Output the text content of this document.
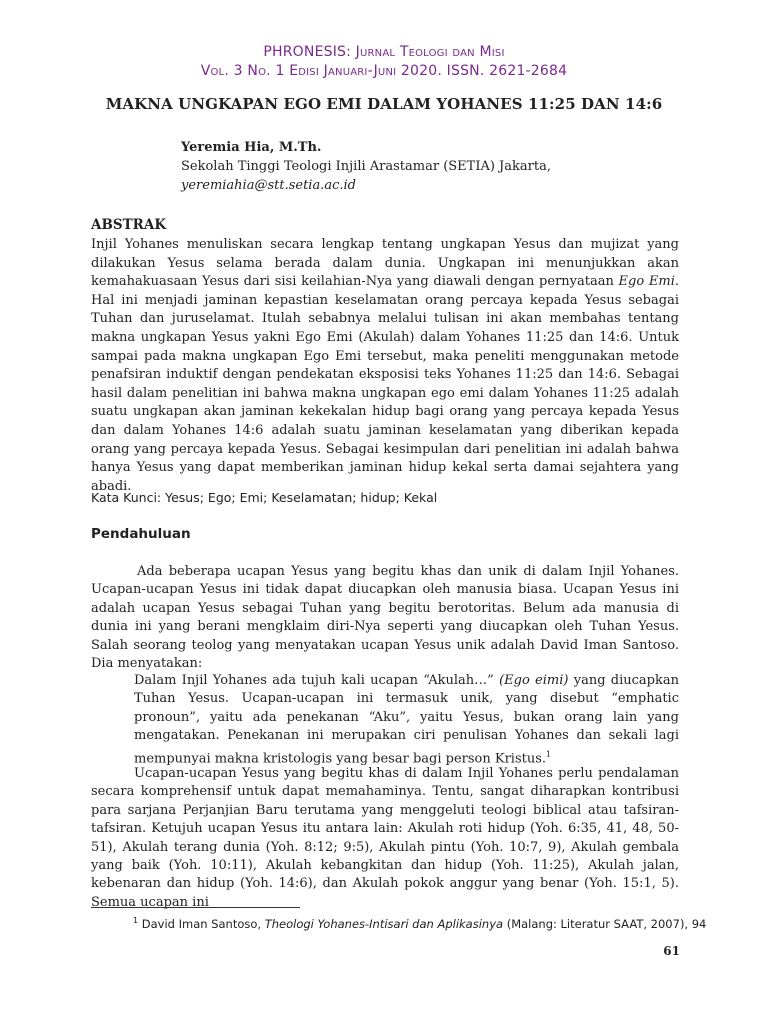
PHRONESIS: Jurnal Teologi dan Misi
Vol. 3 No. 1 Edisi Januari-Juni 2020. ISSN. 2621-2684
MAKNA UNGKAPAN EGO EMI DALAM YOHANES 11:25 DAN 14:6
Yeremia Hia, M.Th.
Sekolah Tinggi Teologi Injili Arastamar (SETIA) Jakarta,
yeremiahia@stt.setia.ac.id
ABSTRAK
Injil Yohanes menuliskan secara lengkap tentang ungkapan Yesus dan mujizat yang dilakukan Yesus selama berada dalam dunia. Ungkapan ini menunjukkan akan kemahakuasaan Yesus dari sisi keilahian-Nya yang diawali dengan pernyataan Ego Emi. Hal ini menjadi jaminan kepastian keselamatan orang percaya kepada Yesus sebagai Tuhan dan juruselamat. Itulah sebabnya melalui tulisan ini akan membahas tentang makna ungkapan Yesus yakni Ego Emi (Akulah) dalam Yohanes 11:25 dan 14:6. Untuk sampai pada makna ungkapan Ego Emi tersebut, maka peneliti menggunakan metode penafsiran induktif dengan pendekatan eksposisi teks Yohanes 11:25 dan 14:6. Sebagai hasil dalam penelitian ini bahwa makna ungkapan ego emi dalam Yohanes 11:25 adalah suatu ungkapan akan jaminan kekekalan hidup bagi orang yang percaya kepada Yesus dan dalam Yohanes 14:6 adalah suatu jaminan keselamatan yang diberikan kepada orang yang percaya kepada Yesus. Sebagai kesimpulan dari penelitian ini adalah bahwa hanya Yesus yang dapat memberikan jaminan hidup kekal serta damai sejahtera yang abadi.
Kata Kunci: Yesus; Ego; Emi; Keselamatan; hidup; Kekal
Pendahuluan
Ada beberapa ucapan Yesus yang begitu khas dan unik di dalam Injil Yohanes. Ucapan-ucapan Yesus ini tidak dapat diucapkan oleh manusia biasa. Ucapan Yesus ini adalah ucapan Yesus sebagai Tuhan yang begitu berotoritas. Belum ada manusia di dunia ini yang berani mengklaim diri-Nya seperti yang diucapkan oleh Tuhan Yesus. Salah seorang teolog yang menyatakan ucapan Yesus unik adalah David Iman Santoso. Dia menyatakan:
Dalam Injil Yohanes ada tujuh kali ucapan “Akulah…” (Ego eimi) yang diucapkan Tuhan Yesus. Ucapan-ucapan ini termasuk unik, yang disebut “emphatic pronoun”, yaitu ada penekanan “Aku”, yaitu Yesus, bukan orang lain yang mengatakan. Penekanan ini merupakan ciri penulisan Yohanes dan sekali lagi mempunyai makna kristologis yang besar bagi person Kristus.$^1$
Ucapan-ucapan Yesus yang begitu khas di dalam Injil Yohanes perlu pendalaman secara komprehensif untuk dapat memahaminya. Tentu, sangat diharapkan kontribusi para sarjana Perjanjian Baru terutama yang menggeluti teologi biblical atau tafsiran-tafsiran. Ketujuh ucapan Yesus itu antara lain: Akulah roti hidup (Yoh. 6:35, 41, 48, 50-51), Akulah terang dunia (Yoh. 8:12; 9:5), Akulah pintu (Yoh. 10:7, 9), Akulah gembala yang baik (Yoh. 10:11), Akulah kebangkitan dan hidup (Yoh. 11:25), Akulah jalan, kebenaran dan hidup (Yoh. 14:6), dan Akulah pokok anggur yang benar (Yoh. 15:1, 5). Semua ucapan ini
$^1$ David Iman Santoso, Theologi Yohanes-Intisari dan Aplikasinya (Malang: Literatur SAAT, 2007), 94
61
